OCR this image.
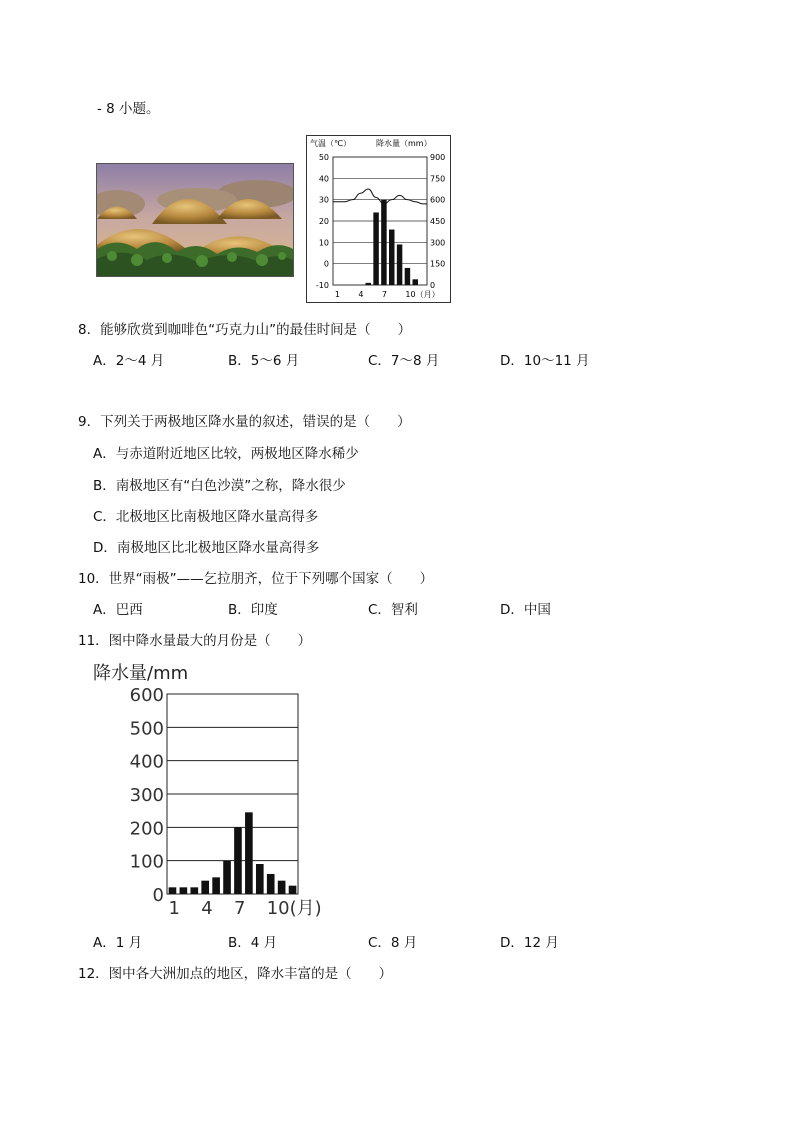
- 8 小题。
气温（℃）	降水量（mm）
50
40
30
20
10
0
-10
900
750
600
450
300
150
0
1 4 7 10（月）
8．能够欣赏到咖啡色“巧克力山”的最佳时间是（　　）
A．2～4 月	B．5～6 月	C．7～8 月	D．10～11 月
9．下列关于两极地区降水量的叙述，错误的是（　　）
A．与赤道附近地区比较，两极地区降水稀少
B．南极地区有“白色沙漠”之称，降水很少
C．北极地区比南极地区降水量高得多
D．南极地区比北极地区降水量高得多
10．世界“雨极”——乞拉朋齐，位于下列哪个国家（　　）
A．巴西	B．印度	C．智利	D．中国
11．图中降水量最大的月份是（　　）
降水量/mm
600
500
400
300
200
100
0
1 4 7 10(月)
A．1 月	B．4 月	C．8 月	D．12 月
12．图中各大洲加点的地区，降水丰富的是（　　）
